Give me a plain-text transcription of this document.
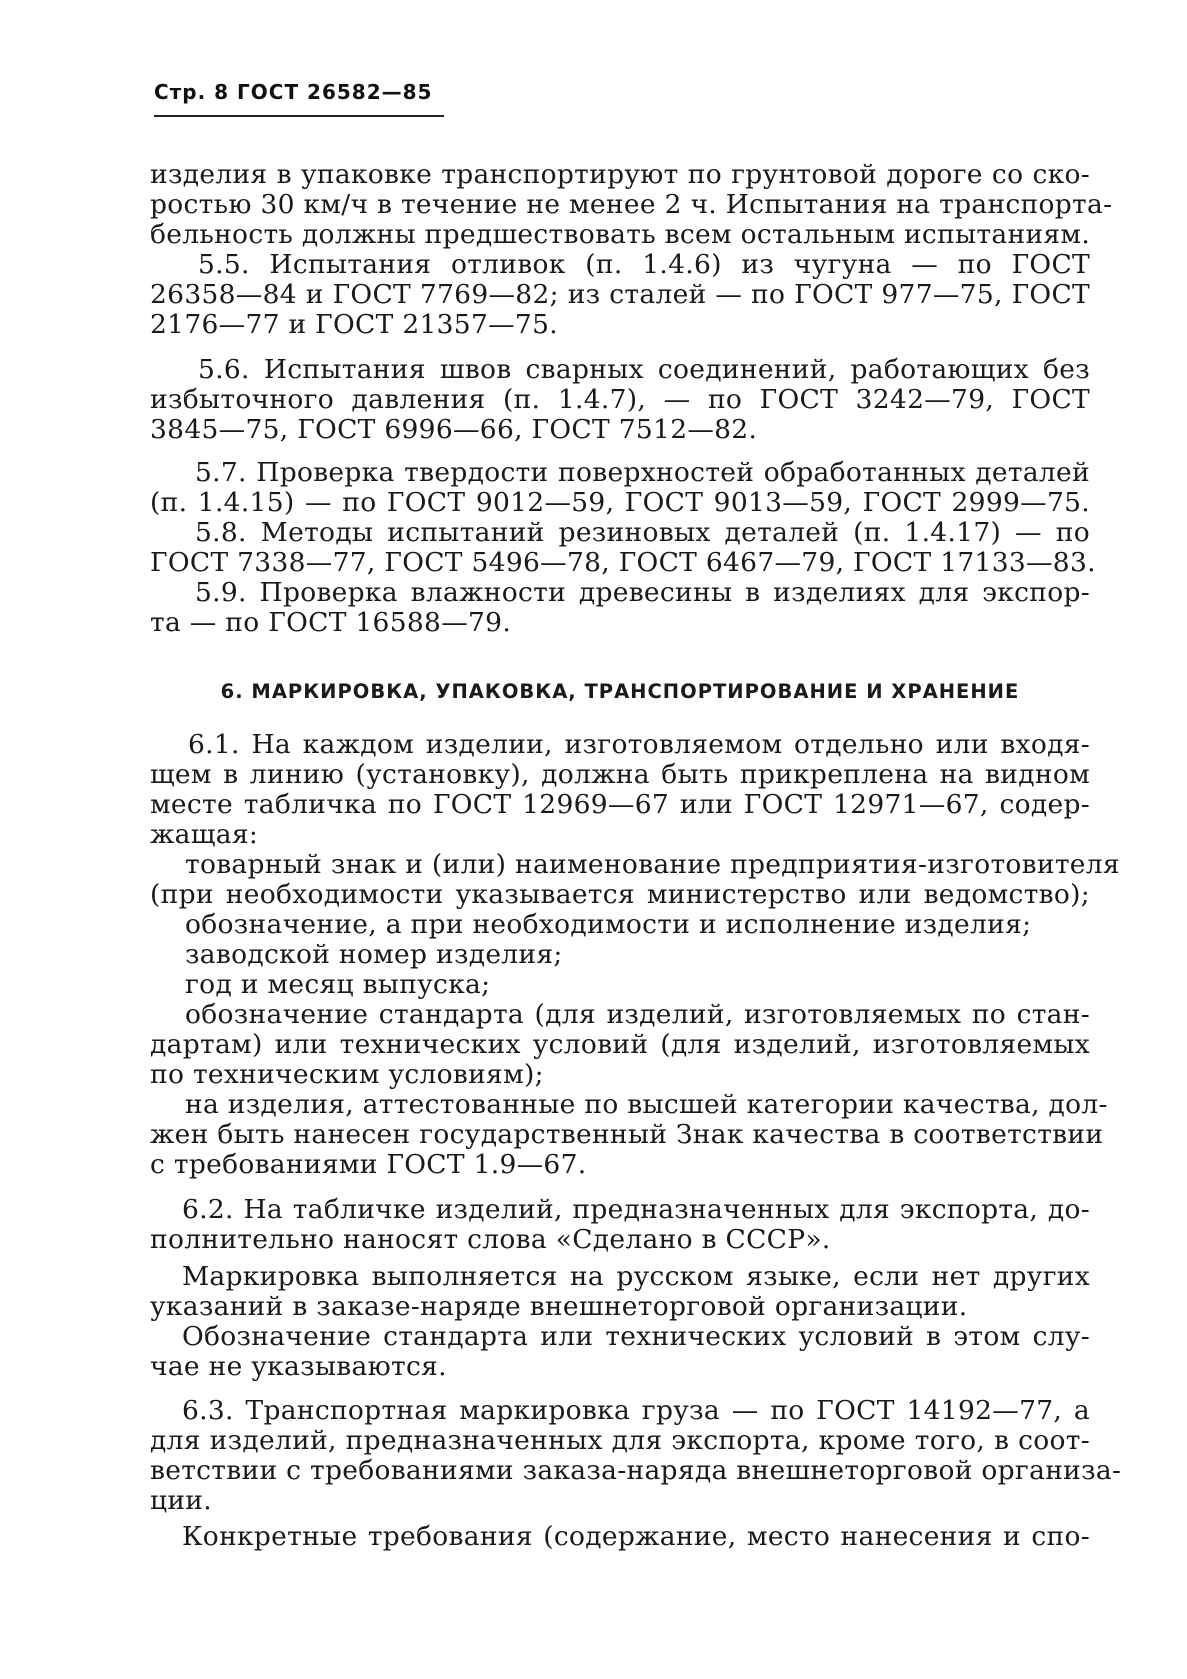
Стр. 8 ГОСТ 26582—85
изделия в упаковке транспортируют по грунтовой дороге со ско-
ростью 30 км/ч в течение не менее 2 ч. Испытания на транспорта-
бельность должны предшествовать всем остальным испытаниям.
5.5. Испытания отливок (п. 1.4.6) из чугуна — по ГОСТ
26358—84 и ГОСТ 7769—82; из сталей — по ГОСТ 977—75, ГОСТ
2176—77 и ГОСТ 21357—75.
5.6. Испытания швов сварных соединений, работающих без
избыточного давления (п. 1.4.7), — по ГОСТ 3242—79, ГОСТ
3845—75, ГОСТ 6996—66, ГОСТ 7512—82.
5.7. Проверка твердости поверхностей обработанных деталей
(п. 1.4.15) — по ГОСТ 9012—59, ГОСТ 9013—59, ГОСТ 2999—75.
5.8. Методы испытаний резиновых деталей (п. 1.4.17) — по
ГОСТ 7338—77, ГОСТ 5496—78, ГОСТ 6467—79, ГОСТ 17133—83.
5.9. Проверка влажности древесины в изделиях для экспор-
та — по ГОСТ 16588—79.
6. МАРКИРОВКА, УПАКОВКА, ТРАНСПОРТИРОВАНИЕ И ХРАНЕНИЕ
6.1. На каждом изделии, изготовляемом отдельно или входя-
щем в линию (установку), должна быть прикреплена на видном
месте табличка по ГОСТ 12969—67 или ГОСТ 12971—67, содер-
жащая:
товарный знак и (или) наименование предприятия-изготовителя
(при необходимости указывается министерство или ведомство);
обозначение, а при необходимости и исполнение изделия;
заводской номер изделия;
год и месяц выпуска;
обозначение стандарта (для изделий, изготовляемых по стан-
дартам) или технических условий (для изделий, изготовляемых
по техническим условиям);
на изделия, аттестованные по высшей категории качества, дол-
жен быть нанесен государственный Знак качества в соответствии
с требованиями ГОСТ 1.9—67.
6.2. На табличке изделий, предназначенных для экспорта, до-
полнительно наносят слова «Сделано в СССР».
Маркировка выполняется на русском языке, если нет других
указаний в заказе-наряде внешнеторговой организации.
Обозначение стандарта или технических условий в этом слу-
чае не указываются.
6.3. Транспортная маркировка груза — по ГОСТ 14192—77, а
для изделий, предназначенных для экспорта, кроме того, в соот-
ветствии с требованиями заказа-наряда внешнеторговой организа-
ции.
Конкретные требования (содержание, место нанесения и спо-
